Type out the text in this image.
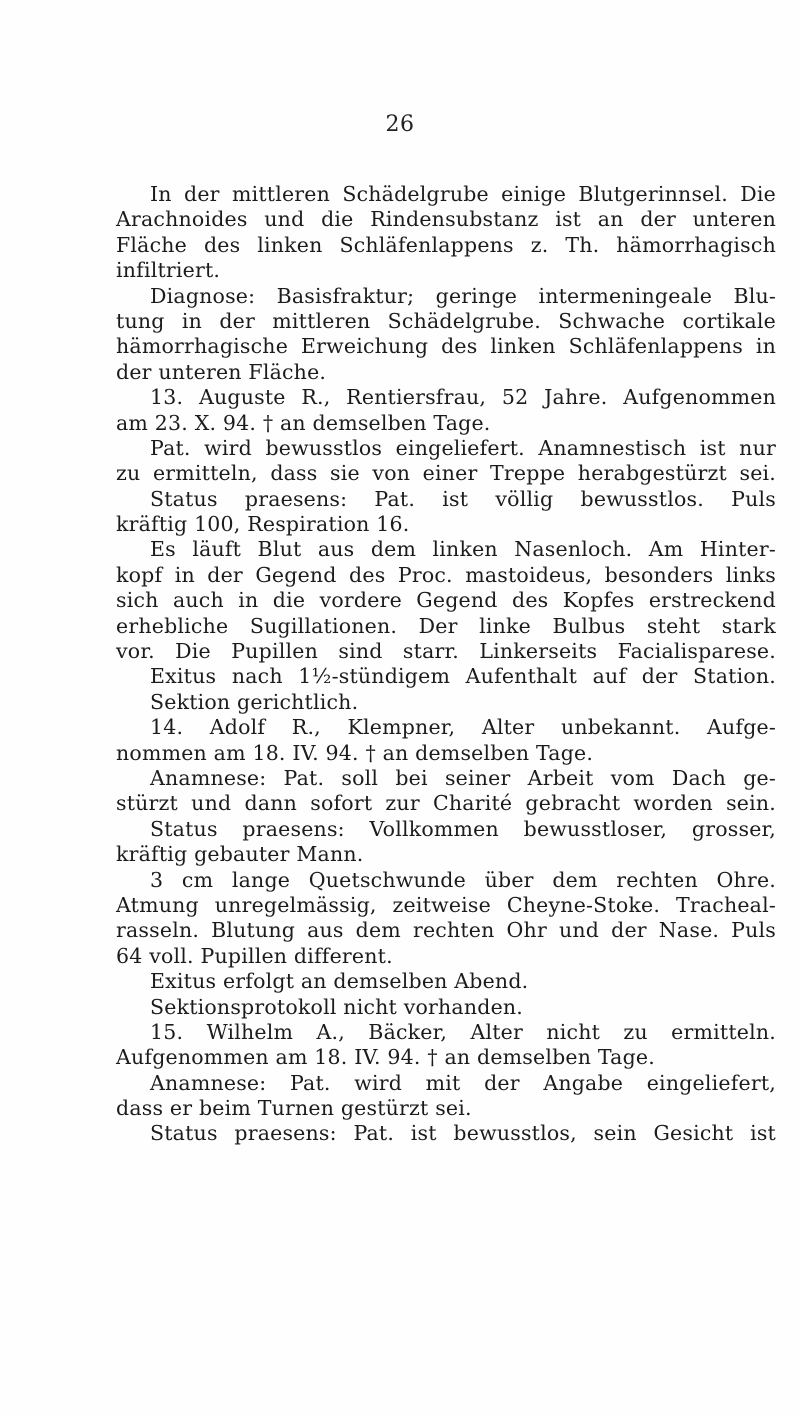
26
In der mittleren Schädelgrube einige Blutgerinnsel. Die
Arachnoides und die Rindensubstanz ist an der unteren
Fläche des linken Schläfenlappens z. Th. hämorrhagisch
infiltriert.
Diagnose: Basisfraktur; geringe intermeningeale Blu-
tung in der mittleren Schädelgrube. Schwache cortikale
hämorrhagische Erweichung des linken Schläfenlappens in
der unteren Fläche.
13. Auguste R., Rentiersfrau, 52 Jahre. Aufgenommen
am 23. X. 94. † an demselben Tage.
Pat. wird bewusstlos eingeliefert. Anamnestisch ist nur
zu ermitteln, dass sie von einer Treppe herabgestürzt sei.
Status praesens: Pat. ist völlig bewusstlos. Puls
kräftig 100, Respiration 16.
Es läuft Blut aus dem linken Nasenloch. Am Hinter-
kopf in der Gegend des Proc. mastoideus, besonders links
sich auch in die vordere Gegend des Kopfes erstreckend
erhebliche Sugillationen. Der linke Bulbus steht stark
vor. Die Pupillen sind starr. Linkerseits Facialisparese.
Exitus nach 1½-stündigem Aufenthalt auf der Station.
Sektion gerichtlich.
14. Adolf R., Klempner, Alter unbekannt. Aufge-
nommen am 18. IV. 94. † an demselben Tage.
Anamnese: Pat. soll bei seiner Arbeit vom Dach ge-
stürzt und dann sofort zur Charité gebracht worden sein.
Status praesens: Vollkommen bewusstloser, grosser,
kräftig gebauter Mann.
3 cm lange Quetschwunde über dem rechten Ohre.
Atmung unregelmässig, zeitweise Cheyne-Stoke. Tracheal-
rasseln. Blutung aus dem rechten Ohr und der Nase. Puls
64 voll. Pupillen different.
Exitus erfolgt an demselben Abend.
Sektionsprotokoll nicht vorhanden.
15. Wilhelm A., Bäcker, Alter nicht zu ermitteln.
Aufgenommen am 18. IV. 94. † an demselben Tage.
Anamnese: Pat. wird mit der Angabe eingeliefert,
dass er beim Turnen gestürzt sei.
Status praesens: Pat. ist bewusstlos, sein Gesicht ist
